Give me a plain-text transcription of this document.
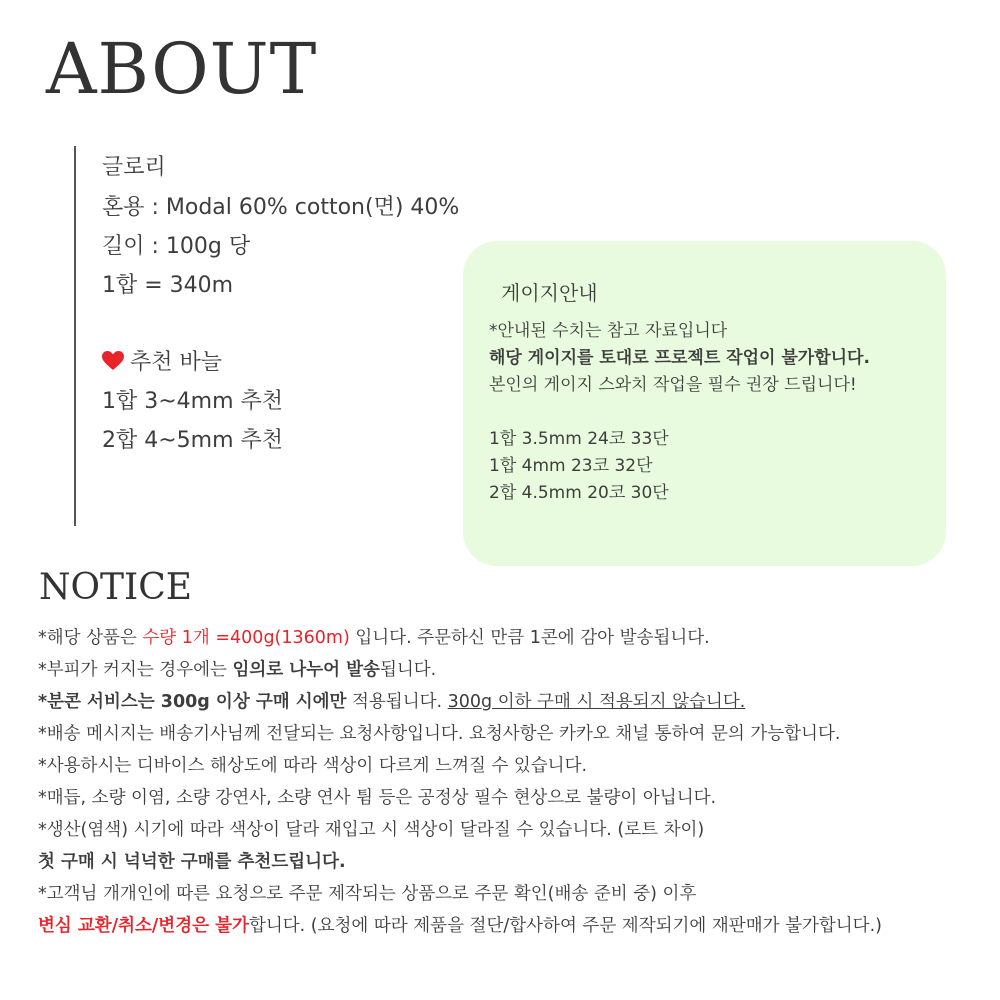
ABOUT
글로리
혼용 : Modal 60% cotton(면) 40%
길이 : 100g 당
1합 = 340m
추천 바늘
1합 3~4mm 추천
2합 4~5mm 추천
게이지안내
*안내된 수치는 참고 자료입니다
해당 게이지를 토대로 프로젝트 작업이 불가합니다.
본인의 게이지 스와치 작업을 필수 권장 드립니다!
1합 3.5mm 24코 33단
1합 4mm 23코 32단
2합 4.5mm 20코 30단
NOTICE
*해당 상품은 수량 1개 =400g(1360m) 입니다. 주문하신 만큼 1콘에 감아 발송됩니다.
*부피가 커지는 경우에는 임의로 나누어 발송됩니다.
*분콘 서비스는 300g 이상 구매 시에만 적용됩니다. 300g 이하 구매 시 적용되지 않습니다.
*배송 메시지는 배송기사님께 전달되는 요청사항입니다. 요청사항은 카카오 채널 통하여 문의 가능합니다.
*사용하시는 디바이스 해상도에 따라 색상이 다르게 느껴질 수 있습니다.
*매듭, 소량 이염, 소량 강연사, 소량 연사 튐 등은 공정상 필수 현상으로 불량이 아닙니다.
*생산(염색) 시기에 따라 색상이 달라 재입고 시 색상이 달라질 수 있습니다. (로트 차이)
첫 구매 시 넉넉한 구매를 추천드립니다.
*고객님 개개인에 따른 요청으로 주문 제작되는 상품으로 주문 확인(배송 준비 중) 이후
변심 교환/취소/변경은 불가합니다. (요청에 따라 제품을 절단/합사하여 주문 제작되기에 재판매가 불가합니다.)
